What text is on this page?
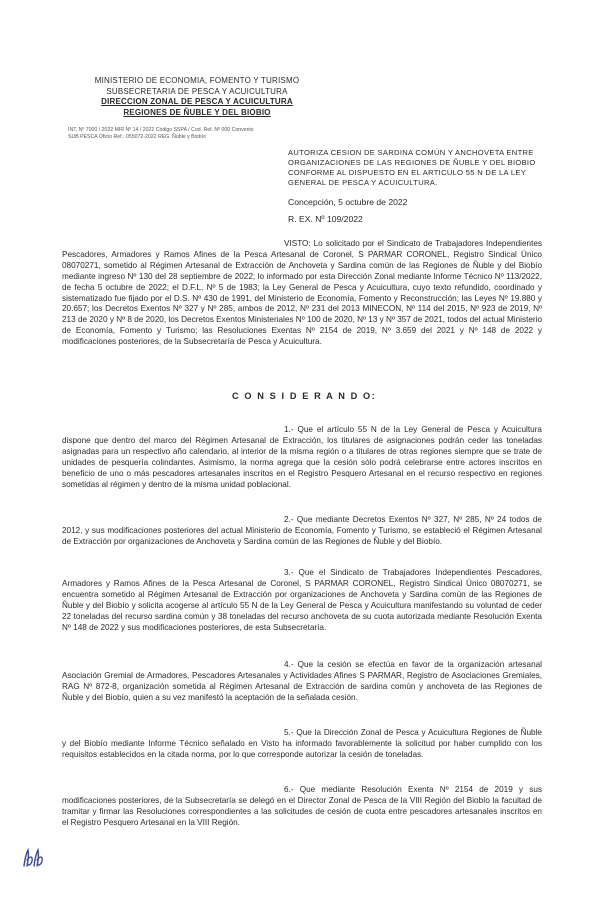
MINISTERIO DE ECONOMIA, FOMENTO Y TURISMO
SUBSECRETARIA DE PESCA Y ACUICULTURA
DIRECCION ZONAL DE PESCA Y ACUICULTURA
REGIONES DE ÑUBLE Y DEL BIOBIO
INT. Nº 7000 / 2022 MIR Nº 14 / 2022 Código SSPA / Cod. Ref. Nº 000 Convenio
SUB PESCA Oficio Ref.: 055072-2022 REG. Ñuble y Biobío
AUTORIZA CESION DE SARDINA COMÚN Y ANCHOVETA ENTRE ORGANIZACIONES DE LAS REGIONES DE ÑUBLE Y DEL BIOBIO CONFORME AL DISPUESTO EN EL ARTICULO 55 N DE LA LEY GENERAL DE PESCA Y ACUICULTURA.
Concepción, 5 octubre de 2022
R. EX. Nº 109/2022
VISTO: Lo solicitado por el Sindicato de Trabajadores Independientes Pescadores, Armadores y Ramos Afines de la Pesca Artesanal de Coronel, S PARMAR CORONEL, Registro Sindical Único 08070271, sometido al Régimen Artesanal de Extracción de Anchoveta y Sardina común de las Regiones de Ñuble y del Biobío mediante ingreso Nº 130 del 28 septiembre de 2022; lo informado por esta Dirección Zonal mediante Informe Técnico Nº 113/2022, de fecha 5 octubre de 2022; el D.F.L. Nº 5 de 1983; la Ley General de Pesca y Acuicultura, cuyo texto refundido, coordinado y sistematizado fue fijado por el D.S. Nº 430 de 1991, del Ministerio de Economía, Fomento y Reconstrucción; las Leyes Nº 19.880 y 20.657; los Decretos Exentos Nº 327 y Nº 285, ambos de 2012, Nº 231 del 2013 MINECON, Nº 114 del 2015, Nº 923 de 2019, Nº 213 de 2020 y Nº 8 de 2020, los Decretos Exentos Ministeriales Nº 100 de 2020, Nº 13 y Nº 357 de 2021, todos del actual Ministerio de Economía, Fomento y Turismo; las Resoluciones Exentas Nº 2154 de 2019, Nº 3.659 del 2021 y Nº 148 de 2022 y modificaciones posteriores, de la Subsecretaría de Pesca y Acuicultura.
C O N S I D E R A N D O:
1.- Que el artículo 55 N de la Ley General de Pesca y Acuicultura dispone que dentro del marco del Régimen Artesanal de Extracción, los titulares de asignaciones podrán ceder las toneladas asignadas para un respectivo año calendario, al interior de la misma región o a titulares de otras regiones siempre que se trate de unidades de pesquería colindantes. Asimismo, la norma agrega que la cesión sólo podrá celebrarse entre actores inscritos en beneficio de uno o más pescadores artesanales inscritos en el Registro Pesquero Artesanal en el recurso respectivo en regiones sometidas al régimen y dentro de la misma unidad poblacional.
2.- Que mediante Decretos Exentos Nº 327, Nº 285, Nº 24 todos de 2012, y sus modificaciones posteriores del actual Ministerio de Economía, Fomento y Turismo, se estableció el Régimen Artesanal de Extracción por organizaciones de Anchoveta y Sardina común de las Regiones de Ñuble y del Biobío.
3.- Que el Sindicato de Trabajadores Independientes Pescadores, Armadores y Ramos Afines de la Pesca Artesanal de Coronel, S PARMAR CORONEL, Registro Sindical Único 08070271, se encuentra sometido al Régimen Artesanal de Extracción por organizaciones de Anchoveta y Sardina común de las Regiones de Ñuble y del Biobío y solicita acogerse al artículo 55 N de la Ley General de Pesca y Acuicultura manifestando su voluntad de ceder 22 toneladas del recurso sardina común y 38 toneladas del recurso anchoveta de su cuota autorizada mediante Resolución Exenta Nº 148 de 2022 y sus modificaciones posteriores, de esta Subsecretaría.
4.- Que la cesión se efectúa en favor de la organización artesanal Asociación Gremial de Armadores, Pescadores Artesanales y Actividades Afines S PARMAR, Registro de Asociaciones Gremiales, RAG Nº 872-8, organización sometida al Régimen Artesanal de Extracción de sardina común y anchoveta de las Regiones de Ñuble y del Biobío, quien a su vez manifestó la aceptación de la señalada cesión.
5.- Que la Dirección Zonal de Pesca y Acuicultura Regiones de Ñuble y del Biobío mediante Informe Técnico señalado en Visto ha informado favorablemente la solicitud por haber cumplido con los requisitos establecidos en la citada norma, por lo que corresponde autorizar la cesión de toneladas.
6.- Que mediante Resolución Exenta Nº 2154 de 2019 y sus modificaciones posteriores, de la Subsecretaría se delegó en el Director Zonal de Pesca de la VIII Región del Biobío la facultad de tramitar y firmar las Resoluciones correspondientes a las solicitudes de cesión de cuota entre pescadores artesanales inscritos en el Registro Pesquero Artesanal en la VIII Región.
